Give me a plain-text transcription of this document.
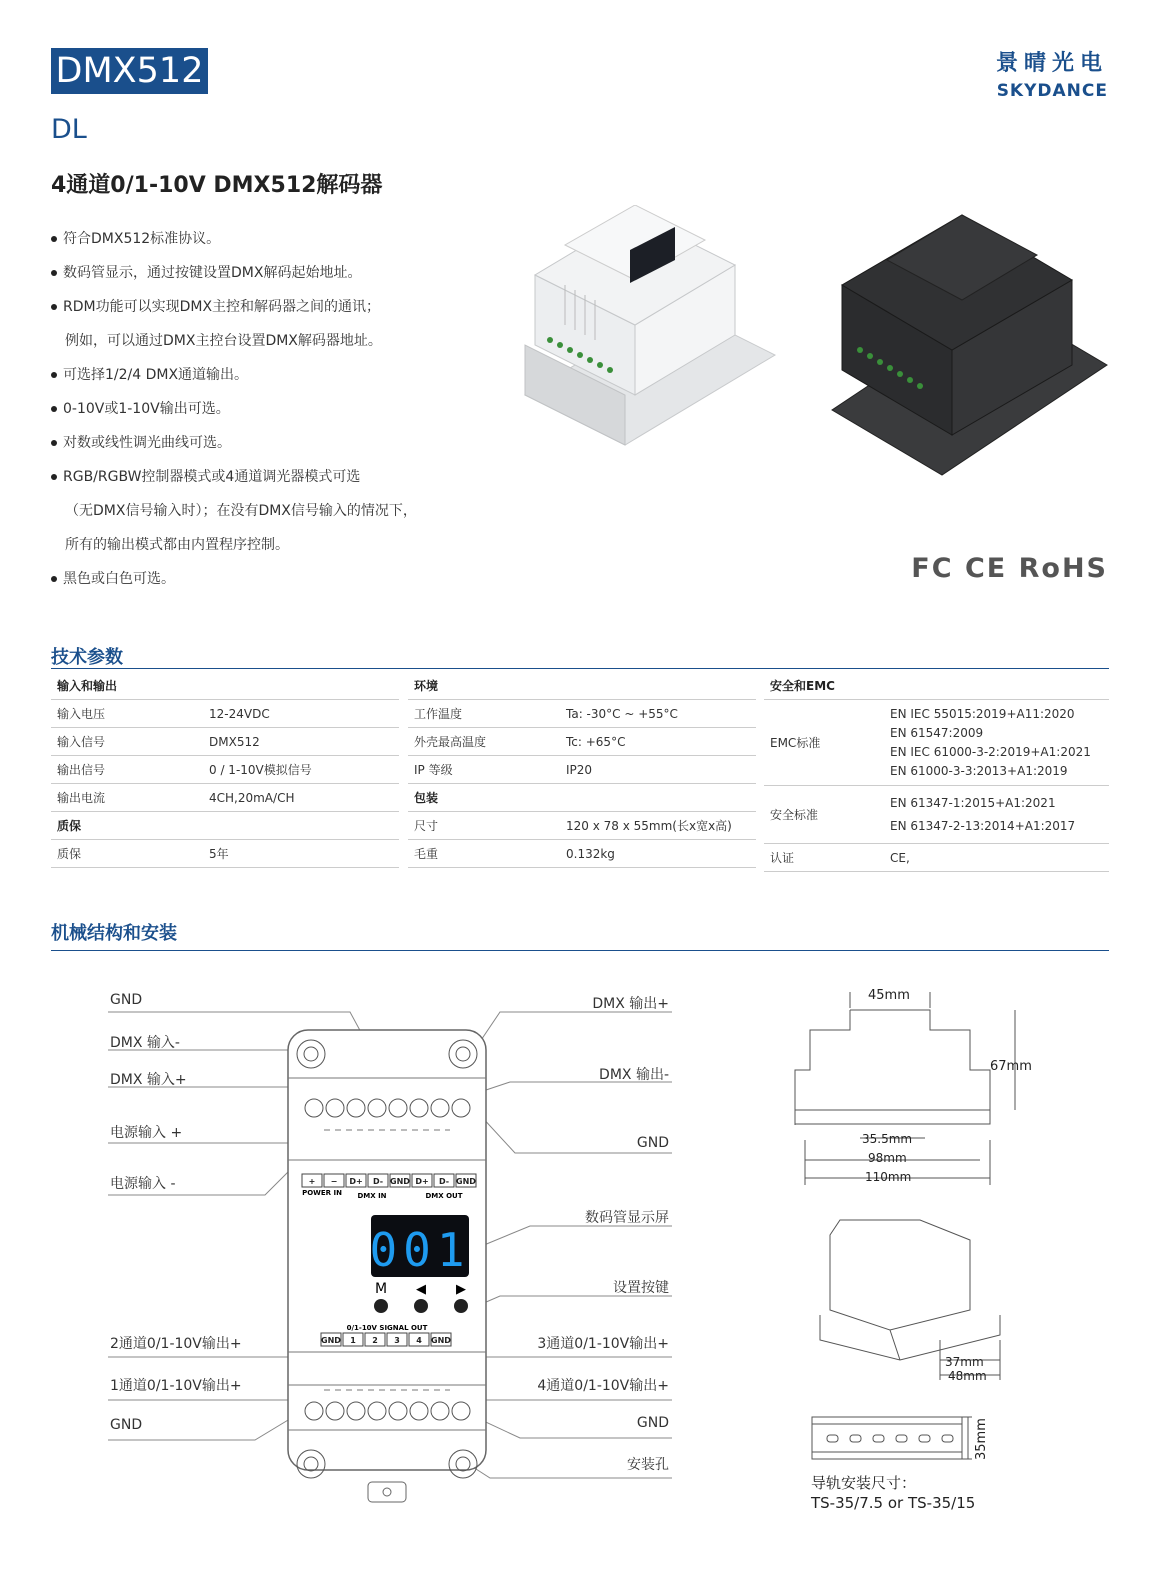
DMX512	景晴光电
SKYDANCE
DL
4通道0/1-10V DMX512解码器
符合DMX512标准协议。
数码管显示，通过按键设置DMX解码起始地址。
RDM功能可以实现DMX主控和解码器之间的通讯；
例如，可以通过DMX主控台设置DMX解码器地址。
可选择1/2/4 DMX通道输出。
0-10V或1-10V输出可选。
对数或线性调光曲线可选。
RGB/RGBW控制器模式或4通道调光器模式可选
（无DMX信号输入时）；在没有DMX信号输入的情况下，
所有的输出模式都由内置程序控制。
黑色或白色可选。	FC CE RoHS
技术参数
输入和输出
输入电压	12-24VDC
输入信号	DMX512
输出信号	0 / 1-10V模拟信号
输出电流	4CH,20mA/CH
质保
质保	5年
环境
工作温度	Ta: -30°C ~ +55°C
外壳最高温度	Tc: +65°C
IP 等级	IP20
包装
尺寸	120 x 78 x 55mm(长x宽x高)
毛重	0.132kg
安全和EMC
EMC标准
EN IEC 55015:2019+A11:2020
EN 61547:2009
EN IEC 61000-3-2:2019+A1:2021
EN 61000-3-3:2013+A1:2019
安全标准
EN 61347-1:2015+A1:2021
EN 61347-2-13:2014+A1:2017
认证	CE,
机械结构和安装
GND
DMX 输入-
DMX 输入+
电源输入 +
电源输入 -
2通道0/1-10V输出+
1通道0/1-10V输出+
GND
DMX 输出+
DMX 输出-
GND
数码管显示屏
设置按键
3通道0/1-10V输出+
4通道0/1-10V输出+
GND
安装孔
+ − D+ D- GND D+ D- GND
POWER IN DMX IN	DMX OUT
001
M ◀ ▶
0/1-10V SIGNAL OUT
GND 1 2 3 4 GND
45mm
67mm
35.5mm
98mm
110mm
37mm
48mm
35mm
导轨安装尺寸：
TS-35/7.5 or TS-35/15
